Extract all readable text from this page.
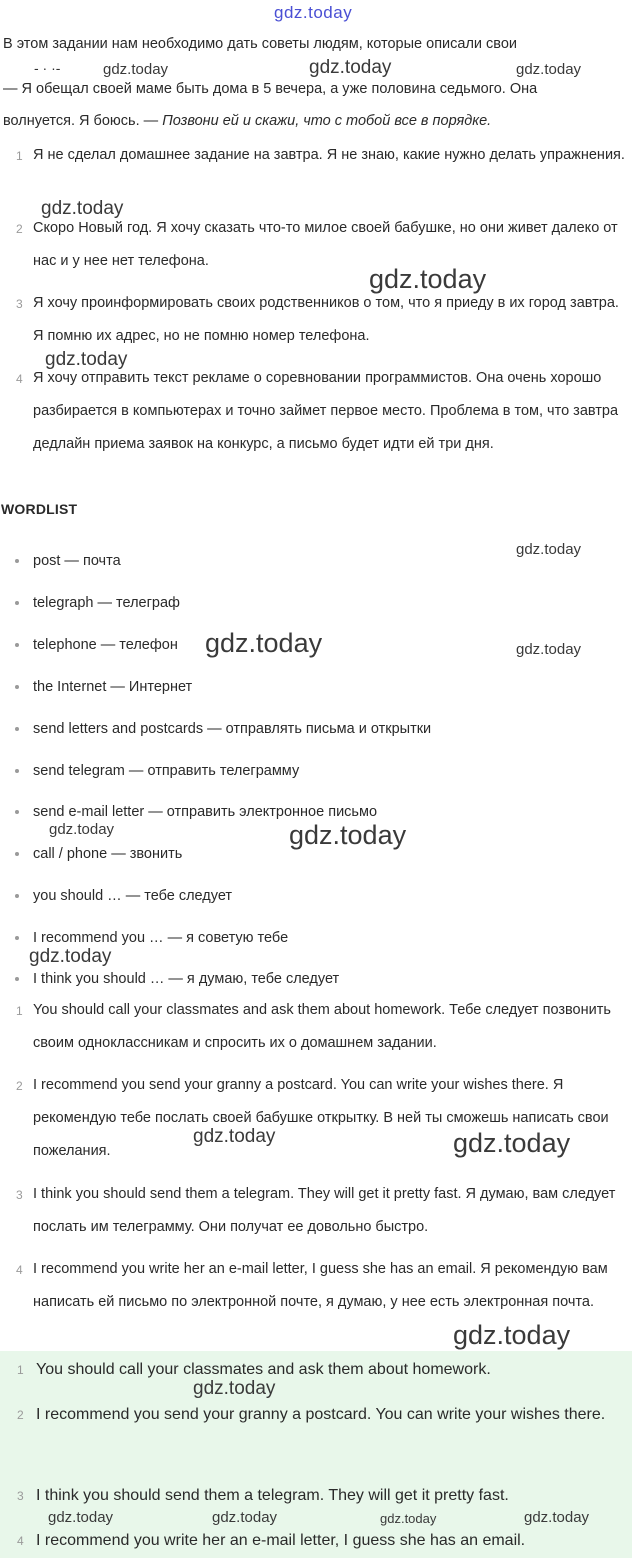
gdz.today
В этом задании нам необходимо дать советы людям, которые описали свои
- · ·-
— Я обещал своей маме быть дома в 5 вечера, а уже половина седьмого. Она
волнуется. Я боюсь. — Позвони ей и скажи, что с тобой все в порядке.
1 Я не сделал домашнее задание на завтра. Я не знаю, какие нужно делать упражнения.
2 Скоро Новый год. Я хочу сказать что-то милое своей бабушке, но они живет далеко от нас и у нее нет телефона.
3 Я хочу проинформировать своих родственников о том, что я приеду в их город завтра. Я помню их адрес, но не помню номер телефона.
4 Я хочу отправить текст рекламе о соревновании программистов. Она очень хорошо разбирается в компьютерах и точно займет первое место. Проблема в том, что завтра дедлайн приема заявок на конкурс, а письмо будет идти ей три дня.
WORDLIST
post — почта
telegraph — телеграф
telephone — телефон
the Internet — Интернет
send letters and postcards — отправлять письма и открытки
send telegram — отправить телеграмму
send e-mail letter — отправить электронное письмо
call / phone — звонить
you should … — тебе следует
I recommend you … — я советую тебе
I think you should … — я думаю, тебе следует
1 You should call your classmates and ask them about homework. Тебе следует позвонить своим одноклассникам и спросить их о домашнем задании.
2 I recommend you send your granny a postcard. You can write your wishes there. Я рекомендую тебе послать своей бабушке открытку. В ней ты сможешь написать свои пожелания.
3 I think you should send them a telegram. They will get it pretty fast. Я думаю, вам следует послать им телеграмму. Они получат ее довольно быстро.
4 I recommend you write her an e-mail letter, I guess she has an email. Я рекомендую вам написать ей письмо по электронной почте, я думаю, у нее есть электронная почта.
1 You should call your classmates and ask them about homework.
2 I recommend you send your granny a postcard. You can write your wishes there.
3 I think you should send them a telegram. They will get it pretty fast.
4 I recommend you write her an e-mail letter, I guess she has an email.
gdz.today	gdz.today	gdz.today
gdz.today
gdz.today
gdz.today
gdz.today
gdz.today	gdz.today
gdz.today	gdz.today
gdz.today
gdz.today	gdz.today
gdz.today
gdz.today
gdz.today	gdz.today	gdz.today	gdz.today
